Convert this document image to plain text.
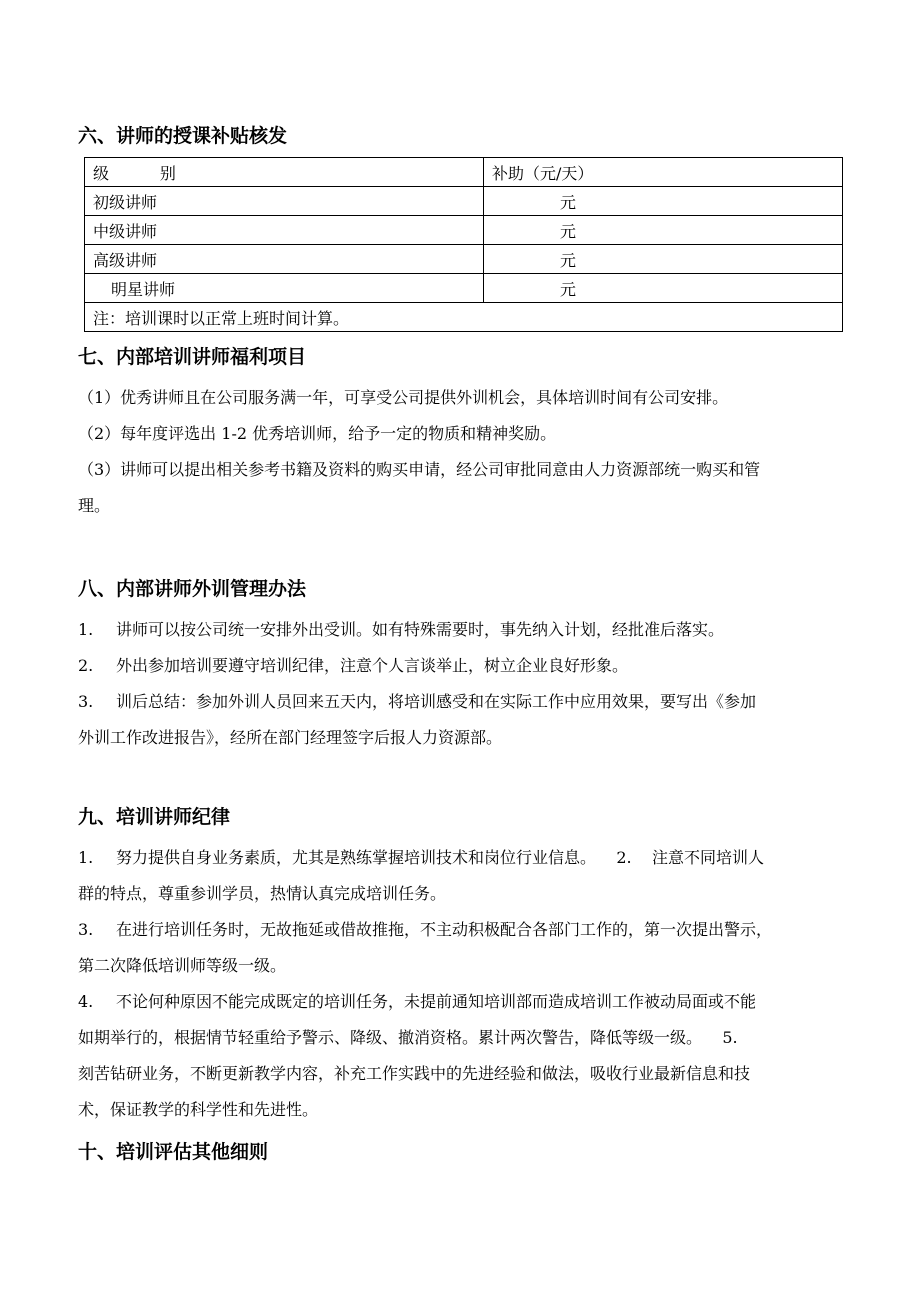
六、讲师的授课补贴核发
级          别	补助（元/天）
初级讲师	元
中级讲师	元
高级讲师	元
明星讲师	元
注：培训课时以正常上班时间计算。	
七、内部培训讲师福利项目
（1）优秀讲师且在公司服务满一年，可享受公司提供外训机会，具体培训时间有公司安排。
（2）每年度评选出 1-2 优秀培训师，给予一定的物质和精神奖励。
（3）讲师可以提出相关参考书籍及资料的购买申请，经公司审批同意由人力资源部统一购买和管
理。
八、内部讲师外训管理办法
1. 讲师可以按公司统一安排外出受训。如有特殊需要时，事先纳入计划，经批准后落实。
2. 外出参加培训要遵守培训纪律，注意个人言谈举止，树立企业良好形象。
3. 训后总结：参加外训人员回来五天内，将培训感受和在实际工作中应用效果，要写出《参加
外训工作改进报告》，经所在部门经理签字后报人力资源部。
九、培训讲师纪律
1. 努力提供自身业务素质，尤其是熟练掌握培训技术和岗位行业信息。    2.    注意不同培训人
群的特点，尊重参训学员，热情认真完成培训任务。
3. 在进行培训任务时，无故拖延或借故推拖，不主动积极配合各部门工作的，第一次提出警示，
第二次降低培训师等级一级。
4. 不论何种原因不能完成既定的培训任务，未提前通知培训部而造成培训工作被动局面或不能
如期举行的，根据情节轻重给予警示、降级、撤消资格。累计两次警告，降低等级一级。    5.
刻苦钻研业务，不断更新教学内容，补充工作实践中的先进经验和做法，吸收行业最新信息和技
术，保证教学的科学性和先进性。
十、培训评估其他细则
